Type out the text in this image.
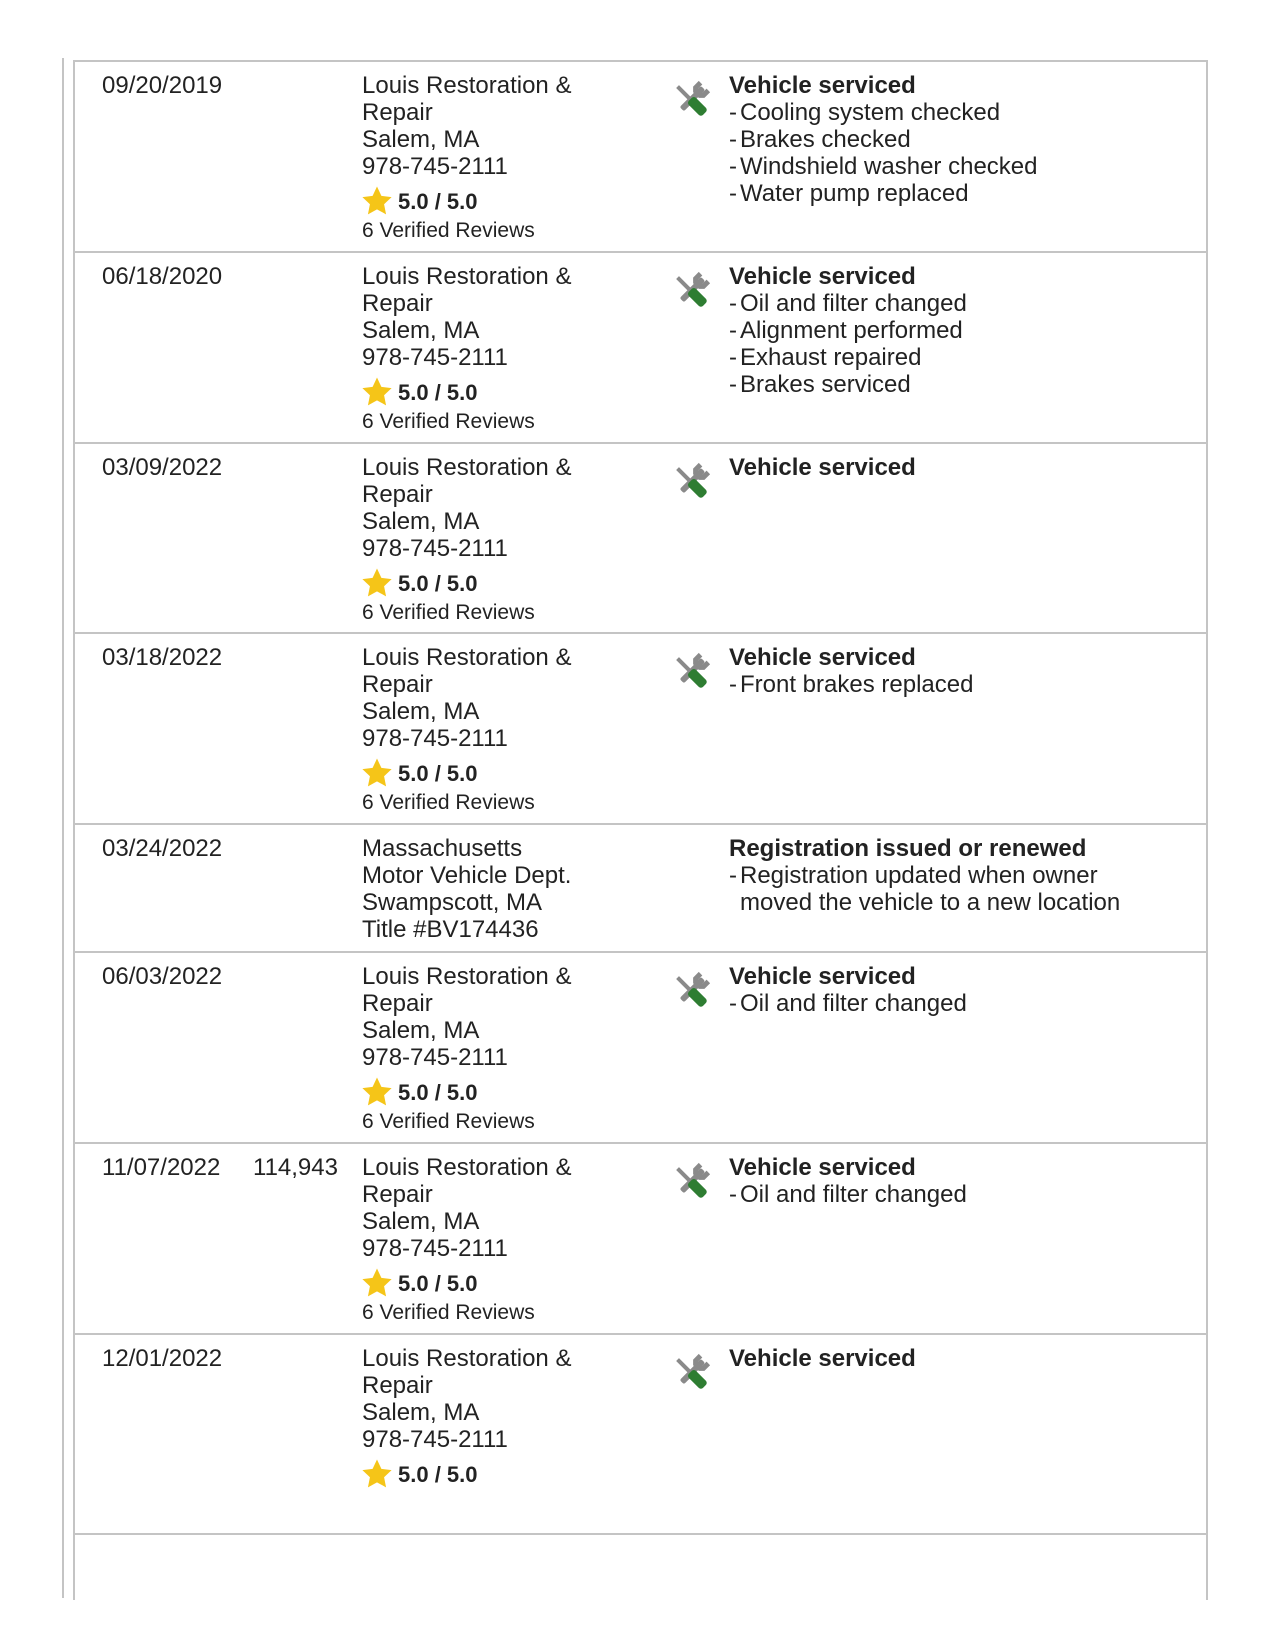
09/20/2019	Louis Restoration &
Repair
Salem, MA
978-745-2111
5.0 / 5.0
6 Verified Reviews
Vehicle serviced
- Cooling system checked
- Brakes checked
- Windshield washer checked
- Water pump replaced
06/18/2020	Louis Restoration &
Repair
Salem, MA
978-745-2111
5.0 / 5.0
6 Verified Reviews
Vehicle serviced
- Oil and filter changed
- Alignment performed
- Exhaust repaired
- Brakes serviced
03/09/2022	Louis Restoration &
Repair
Salem, MA
978-745-2111
5.0 / 5.0
6 Verified Reviews
Vehicle serviced
03/18/2022	Louis Restoration &
Repair
Salem, MA
978-745-2111
5.0 / 5.0
6 Verified Reviews
Vehicle serviced
- Front brakes replaced
03/24/2022	Massachusetts
Motor Vehicle Dept.
Swampscott, MA
Title #BV174436
Registration issued or renewed
- Registration updated when owner moved the vehicle to a new location
06/03/2022	Louis Restoration &
Repair
Salem, MA
978-745-2111
5.0 / 5.0
6 Verified Reviews
Vehicle serviced
- Oil and filter changed
11/07/2022 114,943 Louis Restoration &
Repair
Salem, MA
978-745-2111
5.0 / 5.0
6 Verified Reviews
Vehicle serviced
- Oil and filter changed
12/01/2022	Louis Restoration &
Repair
Salem, MA
978-745-2111
5.0 / 5.0
Vehicle serviced
